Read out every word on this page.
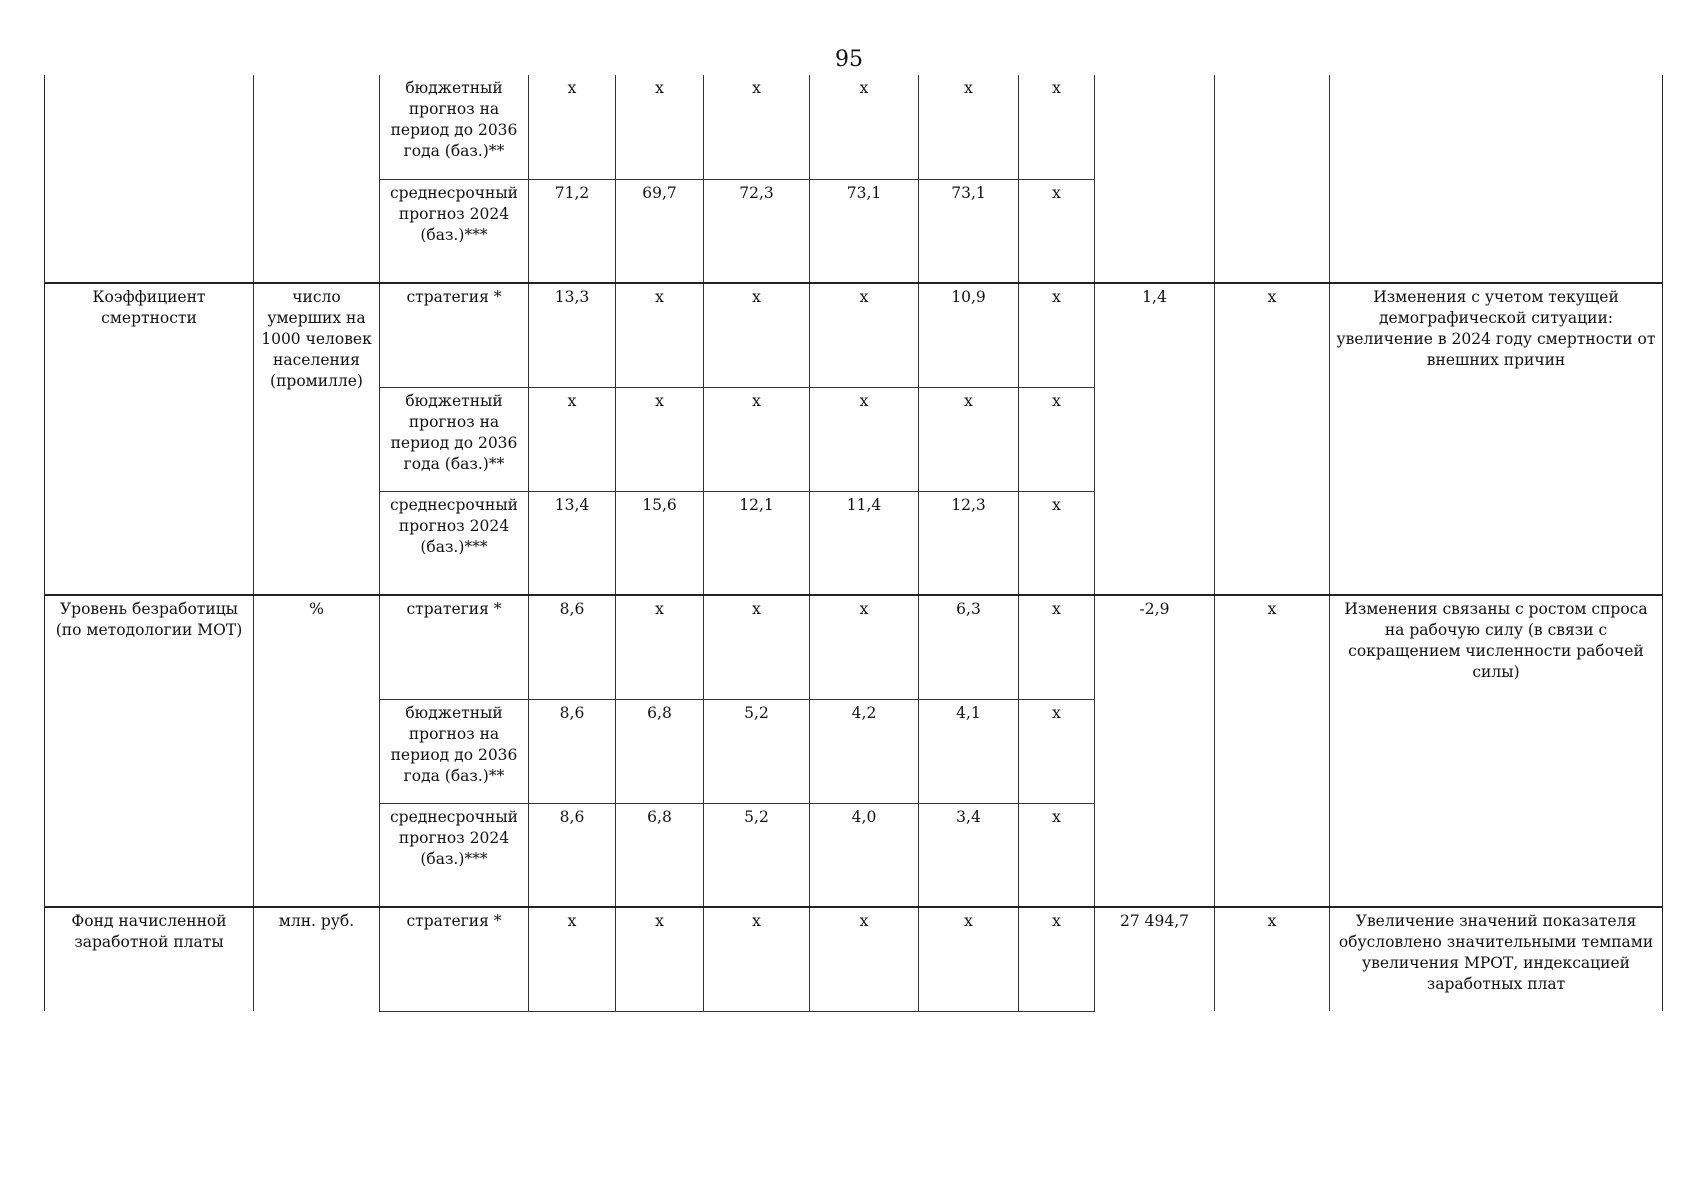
95
		бюджетный прогноз на период до 2036 года (баз.)**	х	х	х	х	х	х			
		среднесрочный прогноз 2024 (баз.)***	71,2	69,7	72,3	73,1	73,1	х			
Коэффициент смертности	число умерших на 1000 человек населения (промилле)	стратегия *	13,3	х	х	х	10,9	х	1,4	х	Изменения с учетом текущей демографической ситуации: увеличение в 2024 году смертности от внешних причин
		бюджетный прогноз на период до 2036 года (баз.)**	х	х	х	х	х	х			
		среднесрочный прогноз 2024 (баз.)***	13,4	15,6	12,1	11,4	12,3	х			
Уровень безработицы (по методологии МОТ)	%	стратегия *	8,6	х	х	х	6,3	х	-2,9	х	Изменения связаны с ростом спроса на рабочую силу (в связи с сокращением численности рабочей силы)
		бюджетный прогноз на период до 2036 года (баз.)**	8,6	6,8	5,2	4,2	4,1	х			
		среднесрочный прогноз 2024 (баз.)***	8,6	6,8	5,2	4,0	3,4	х			
Фонд начисленной заработной платы	млн. руб.	стратегия *	х	х	х	х	х	х	27 494,7	х	Увеличение значений показателя обусловлено значительными темпами увеличения МРОТ, индексацией заработных плат
